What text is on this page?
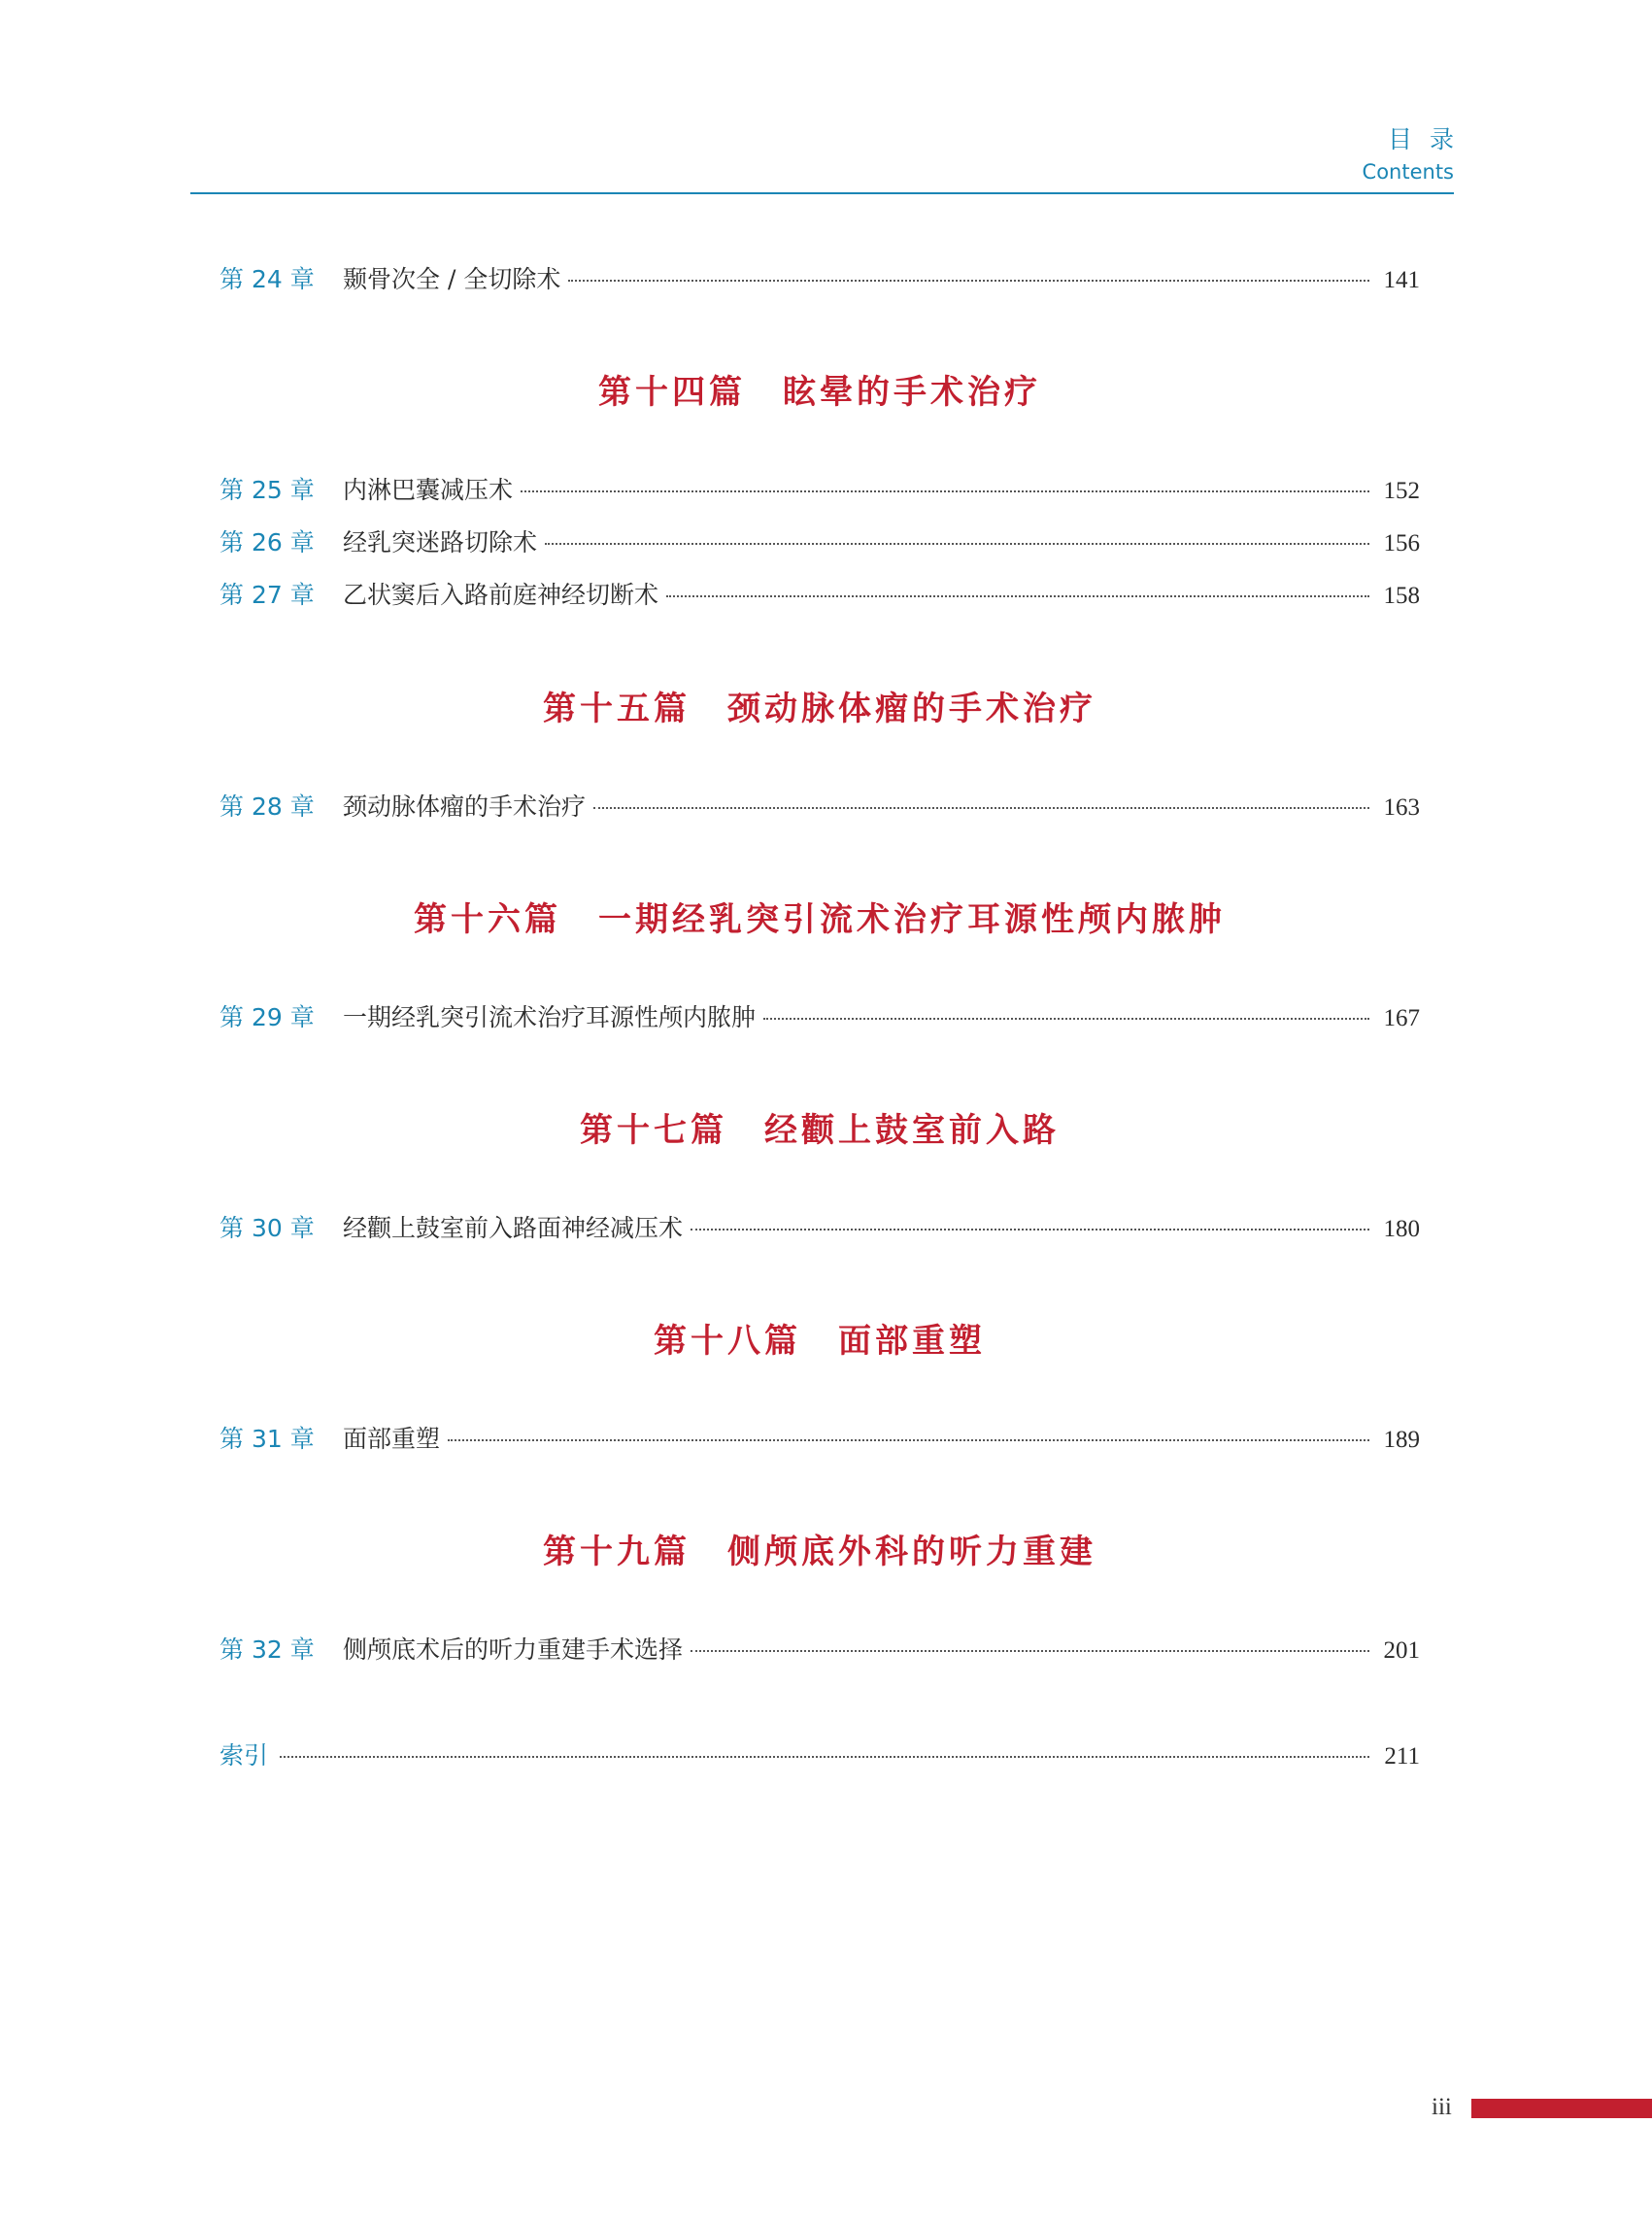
目录
Contents
第 24 章	颞骨次全 / 全切除术	141
第十四篇　眩晕的手术治疗
第 25 章	内淋巴囊减压术	152
第 26 章	经乳突迷路切除术	156
第 27 章	乙状窦后入路前庭神经切断术	158
第十五篇　颈动脉体瘤的手术治疗
第 28 章	颈动脉体瘤的手术治疗	163
第十六篇　一期经乳突引流术治疗耳源性颅内脓肿
第 29 章	一期经乳突引流术治疗耳源性颅内脓肿	167
第十七篇　经颧上鼓室前入路
第 30 章	经颧上鼓室前入路面神经减压术	180
第十八篇　面部重塑
第 31 章	面部重塑	189
第十九篇　侧颅底外科的听力重建
第 32 章	侧颅底术后的听力重建手术选择	201
索引	211
iii
